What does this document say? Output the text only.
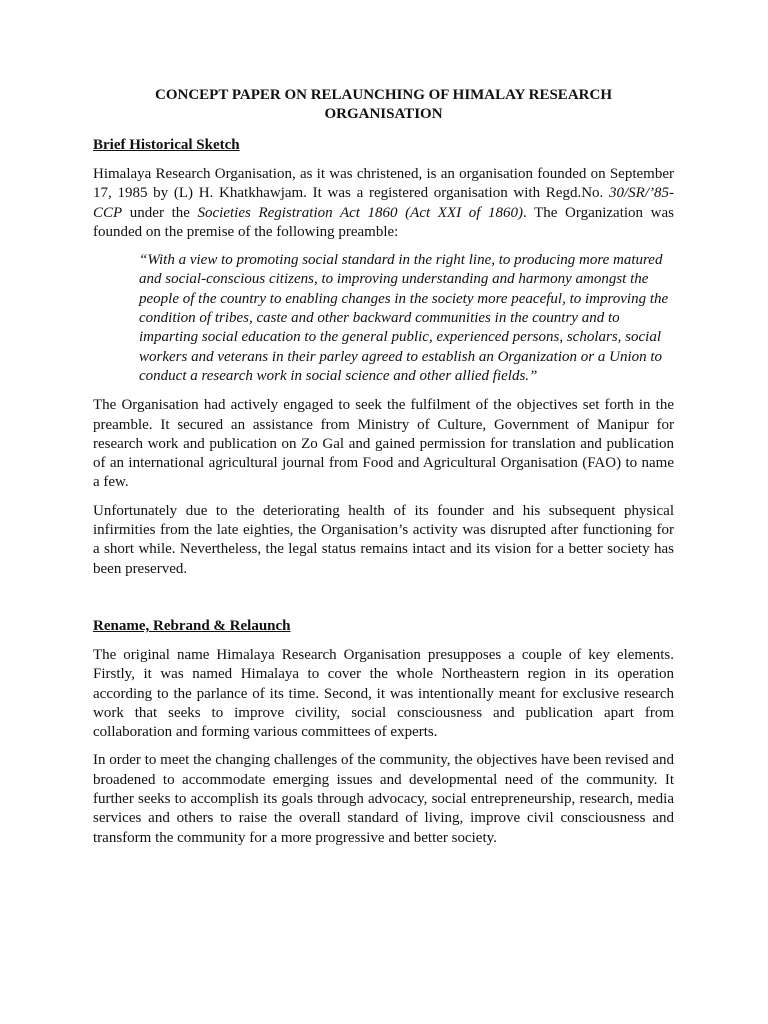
CONCEPT PAPER ON RELAUNCHING OF HIMALAY RESEARCH ORGANISATION
Brief Historical Sketch
Himalaya Research Organisation, as it was christened, is an organisation founded on September 17, 1985 by (L) H. Khatkhawjam. It was a registered organisation with Regd.No. 30/SR/’85-CCP under the Societies Registration Act 1860 (Act XXI of 1860). The Organization was founded on the premise of the following preamble:
“With a view to promoting social standard in the right line, to producing more matured and social-conscious citizens, to improving understanding and harmony amongst the people of the country to enabling changes in the society more peaceful, to improving the condition of tribes, caste and other backward communities in the country and to imparting social education to the general public, experienced persons, scholars, social workers and veterans in their parley agreed to establish an Organization or a Union to conduct a research work in social science and other allied fields.”
The Organisation had actively engaged to seek the fulfilment of the objectives set forth in the preamble. It secured an assistance from Ministry of Culture, Government of Manipur for research work and publication on Zo Gal and gained permission for translation and publication of an international agricultural journal from Food and Agricultural Organisation (FAO) to name a few.
Unfortunately due to the deteriorating health of its founder and his subsequent physical infirmities from the late eighties, the Organisation’s activity was disrupted after functioning for a short while. Nevertheless, the legal status remains intact and its vision for a better society has been preserved.
Rename, Rebrand & Relaunch
The original name Himalaya Research Organisation presupposes a couple of key elements. Firstly, it was named Himalaya to cover the whole Northeastern region in its operation according to the parlance of its time. Second, it was intentionally meant for exclusive research work that seeks to improve civility, social consciousness and publication apart from collaboration and forming various committees of experts.
In order to meet the changing challenges of the community, the objectives have been revised and broadened to accommodate emerging issues and developmental need of the community. It further seeks to accomplish its goals through advocacy, social entrepreneurship, research, media services and others to raise the overall standard of living, improve civil consciousness and transform the community for a more progressive and better society.
